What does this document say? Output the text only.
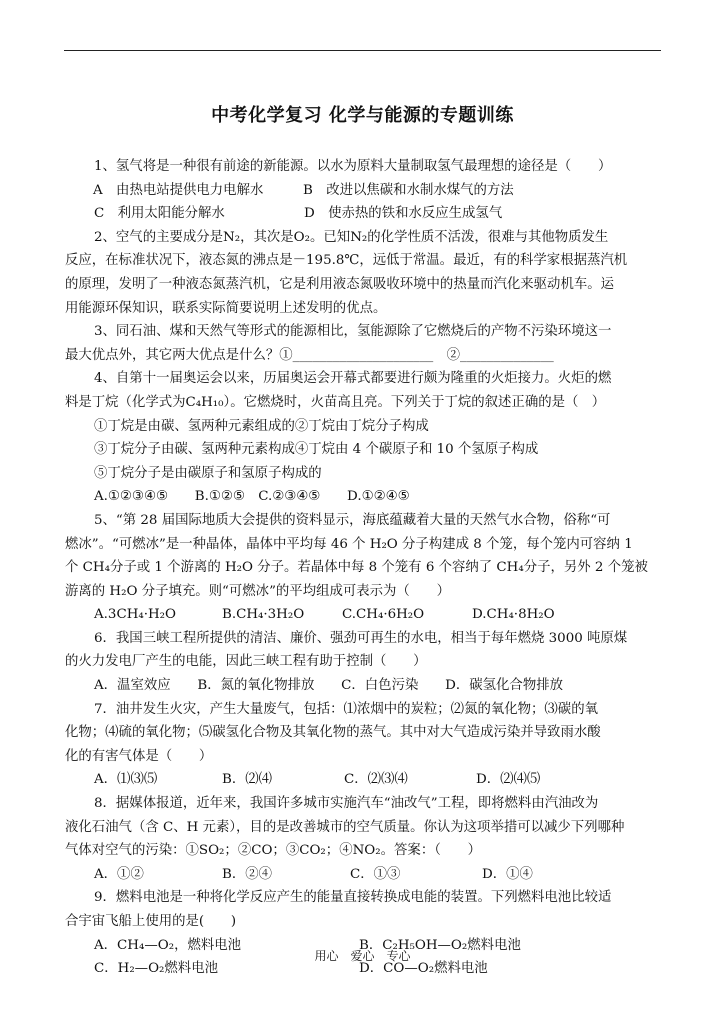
中考化学复习 化学与能源的专题训练
1、氢气将是一种很有前途的新能源。以水为原料大量制取氢气最理想的途径是（　　）
A　由热电站提供电力电解水	B　改进以焦碳和水制水煤气的方法
C　利用太阳能分解水	D　使赤热的铁和水反应生成氢气
2、空气的主要成分是N₂，其次是O₂。已知N₂的化学性质不活泼，很难与其他物质发生
反应，在标准状况下，液态氮的沸点是－195.8℃，远低于常温。最近，有的科学家根据蒸汽机
的原理，发明了一种液态氮蒸汽机，它是利用液态氮吸收环境中的热量而汽化来驱动机车。运
用能源环保知识，联系实际简要说明上述发明的优点。
3、同石油、煤和天然气等形式的能源相比，氢能源除了它燃烧后的产物不污染环境这一
最大优点外，其它两大优点是什么？①_____________________　②______________
4、自第十一届奥运会以来，历届奥运会开幕式都要进行颇为隆重的火炬接力。火炬的燃
料是丁烷（化学式为C₄H₁₀）。它燃烧时，火苗高且亮。下列关于丁烷的叙述正确的是（　）
①丁烷是由碳、氢两种元素组成的②丁烷由丁烷分子构成
③丁烷分子由碳、氢两种元素构成④丁烷由 4 个碳原子和 10 个氢原子构成
⑤丁烷分子是由碳原子和氢原子构成的
A.①②③④⑤　　B.①②⑤　C.②③④⑤　　D.①②④⑤
5、“第 28 届国际地质大会提供的资料显示，海底蕴藏着大量的天然气水合物，俗称“可
燃冰”。“可燃冰”是一种晶体，晶体中平均每 46 个 H₂O 分子构建成 8 个笼，每个笼内可容纳 1
个 CH₄分子或 1 个游离的 H₂O 分子。若晶体中每 8 个笼有 6 个容纳了 CH₄分子，另外 2 个笼被
游离的 H₂O 分子填充。则“可燃冰”的平均组成可表示为（　　）
A.3CH₄·H₂O	B.CH₄·3H₂O	C.CH₄·6H₂O	D.CH₄·8H₂O
6．我国三峡工程所提供的清洁、廉价、强劲可再生的水电，相当于每年燃烧 3000 吨原煤
的火力发电厂产生的电能，因此三峡工程有助于控制（　　）
A．温室效应　　B．氮的氧化物排放　　C．白色污染　　D．碳氢化合物排放
7．油井发生火灾，产生大量废气，包括：⑴浓烟中的炭粒；⑵氮的氧化物；⑶碳的氧
化物；⑷硫的氧化物；⑸碳氢化合物及其氧化物的蒸气。其中对大气造成污染并导致雨水酸
化的有害气体是（　　）
A．⑴⑶⑸	B．⑵⑷	C．⑵⑶⑷	D．⑵⑷⑸
8．据媒体报道，近年来，我国许多城市实施汽车“油改气”工程，即将燃料由汽油改为
液化石油气（含 C、H 元素），目的是改善城市的空气质量。你认为这项举措可以减少下列哪种
气体对空气的污染：①SO₂；②CO；③CO₂；④NO₂。答案：（　　）
A．①②	B．②④	C．①③	D．①④
9．燃料电池是一种将化学反应产生的能量直接转换成电能的装置。下列燃料电池比较适
合宇宙飞船上使用的是(　　)
A．CH₄—O₂，燃料电池	B．C₂H₅OH—O₂燃料电池
C．H₂—O₂燃料电池	D．CO—O₂燃料电池
用心　爱心　专心
